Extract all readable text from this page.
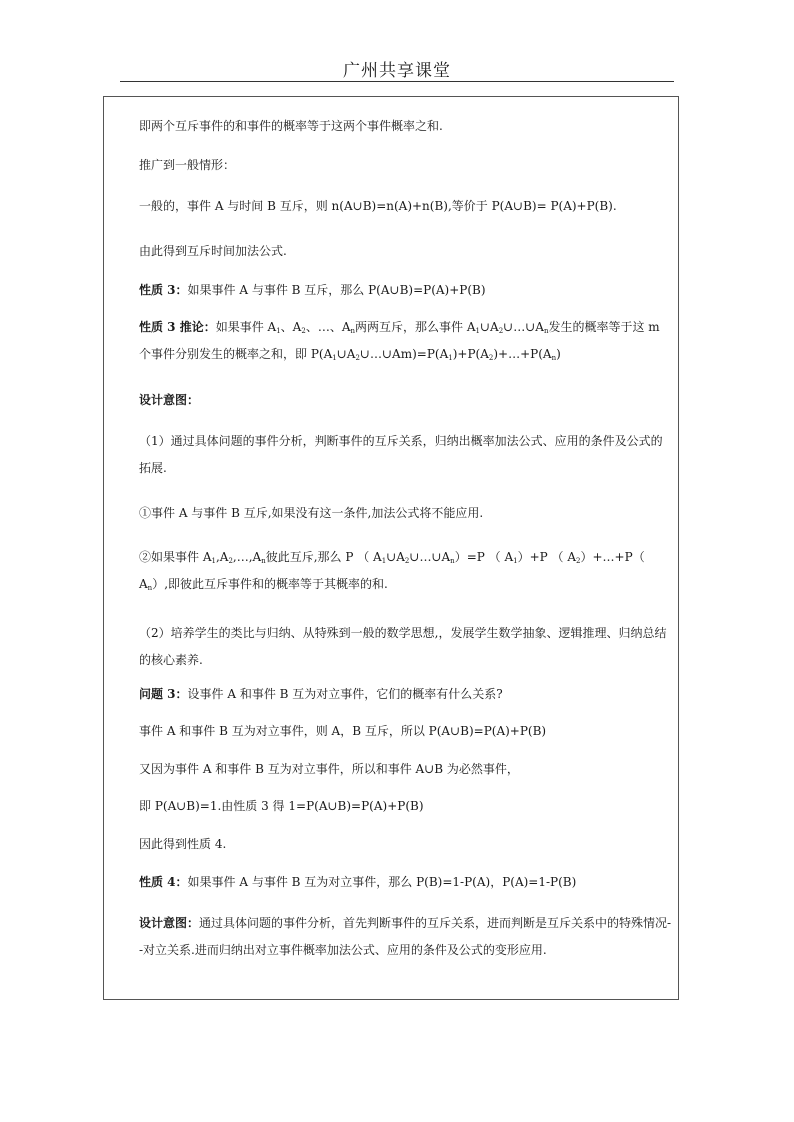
广州共享课堂
即两个互斥事件的和事件的概率等于这两个事件概率之和.
推广到一般情形：
一般的，事件 A 与时间 B 互斥，则 n(A∪B)=n(A)+n(B),等价于 P(A∪B)= P(A)+P(B).
由此得到互斥时间加法公式.
性质 3：如果事件 A 与事件 B 互斥，那么 P(A∪B)=P(A)+P(B)
性质 3 推论：如果事件 $A_1$、$A_2$、…、$A_n$两两互斥，那么事件 $A_1\cup A_2\cup\dots\cup A_n$发生的概率等于这 m 个事件分别发生的概率之和，即 $P(A_1\cup A_2\cup\dots\cup Am)=P(A_1)+P(A_2)+\dots+P(A_n)$
设计意图：
（1）通过具体问题的事件分析，判断事件的互斥关系，归纳出概率加法公式、应用的条件及公式的拓展.
①事件 A 与事件 B 互斥,如果没有这一条件,加法公式将不能应用.
②如果事件 $A_1,A_2,\dots,A_n$彼此互斥,那么 P （ $A_1\cup A_2\cup\dots\cup A_n)=P$ （ $A_1)+P$ （ $A_2)+\dots+P$（ $A_n$）,即彼此互斥事件和的概率等于其概率的和.
（2）培养学生的类比与归纳、从特殊到一般的数学思想,，发展学生数学抽象、逻辑推理、归纳总结的核心素养.
问题 3：设事件 A 和事件 B 互为对立事件，它们的概率有什么关系?
事件 A 和事件 B 互为对立事件，则 A，B 互斥，所以 P(A∪B)=P(A)+P(B)
又因为事件 A 和事件 B 互为对立事件，所以和事件 A∪B 为必然事件，
即 P(A∪B)=1.由性质 3 得 1=P(A∪B)=P(A)+P(B)
因此得到性质 4.
性质 4：如果事件 A 与事件 B 互为对立事件，那么 P(B)=1-P(A)，P(A)=1-P(B)
设计意图：通过具体问题的事件分析，首先判断事件的互斥关系，进而判断是互斥关系中的特殊情况--对立关系.进而归纳出对立事件概率加法公式、应用的条件及公式的变形应用.
